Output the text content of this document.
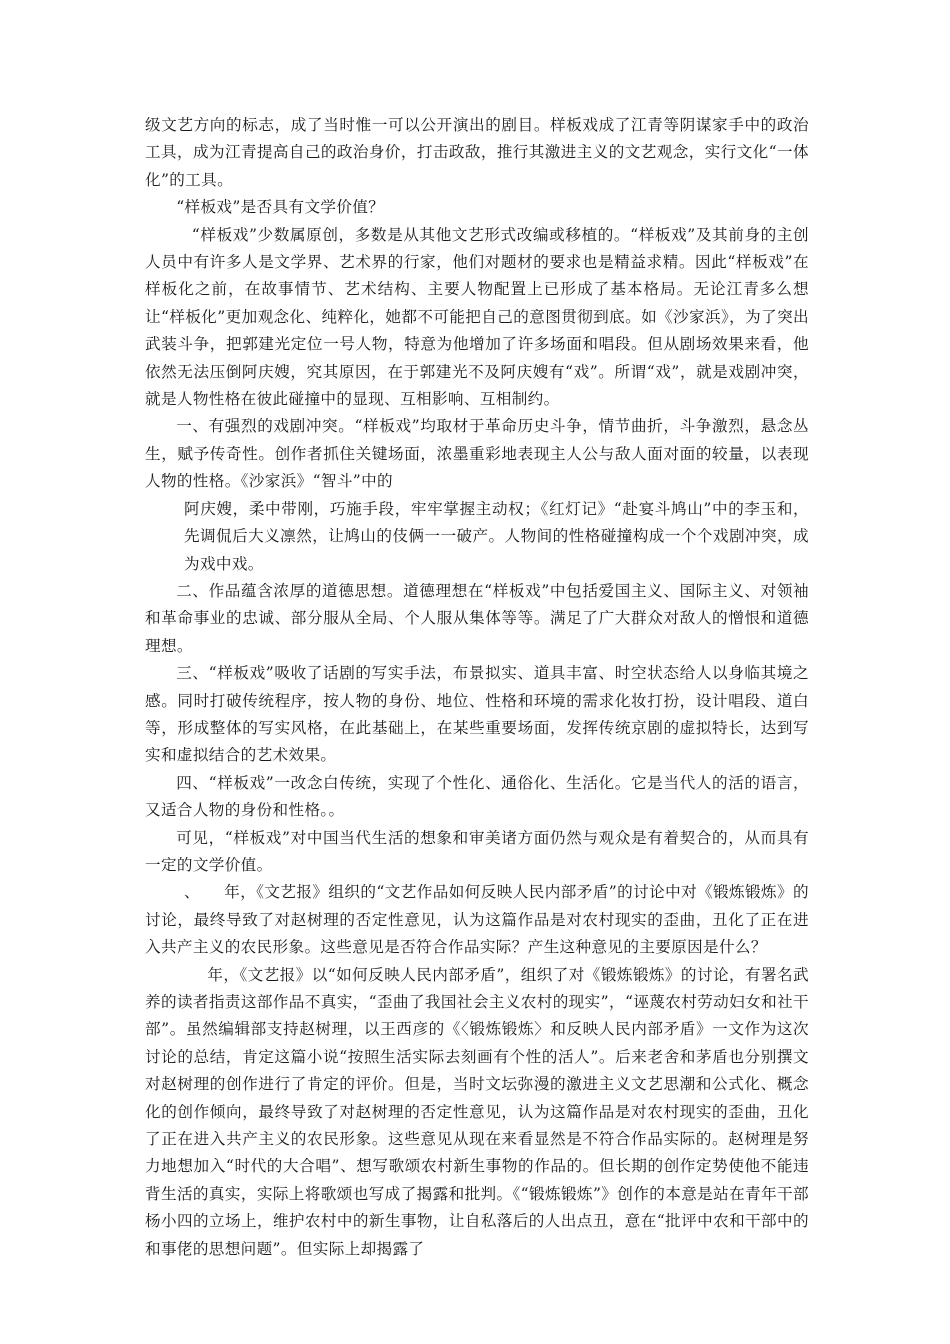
级文艺方向的标志，成了当时惟一可以公开演出的剧目。样板戏成了江青等阴谋家手中的政治工具，成为江青提高自己的政治身价，打击政敌，推行其激进主义的文艺观念，实行文化“一体化”的工具。

“样板戏”是否具有文学价值？

“样板戏”少数属原创，多数是从其他文艺形式改编或移植的。“样板戏”及其前身的主创人员中有许多人是文学界、艺术界的行家，他们对题材的要求也是精益求精。因此“样板戏”在样板化之前，在故事情节、艺术结构、主要人物配置上已形成了基本格局。无论江青多么想让“样板化”更加观念化、纯粹化，她都不可能把自己的意图贯彻到底。如《沙家浜》，为了突出武装斗争，把郭建光定位一号人物，特意为他增加了许多场面和唱段。但从剧场效果来看，他依然无法压倒阿庆嫂，究其原因，在于郭建光不及阿庆嫂有“戏”。所谓“戏”，就是戏剧冲突，就是人物性格在彼此碰撞中的显现、互相影响、互相制约。

一、有强烈的戏剧冲突。“样板戏”均取材于革命历史斗争，情节曲折，斗争激烈，悬念丛生，赋予传奇性。创作者抓住关键场面，浓墨重彩地表现主人公与敌人面对面的较量，以表现人物的性格。《沙家浜》“智斗”中的

阿庆嫂，柔中带刚，巧施手段，牢牢掌握主动权；《红灯记》“赴宴斗鸠山”中的李玉和，先调侃后大义凛然，让鸠山的伎俩一一破产。人物间的性格碰撞构成一个个戏剧冲突，成为戏中戏。

二、作品蕴含浓厚的道德思想。道德理想在“样板戏”中包括爱国主义、国际主义、对领袖和革命事业的忠诚、部分服从全局、个人服从集体等等。满足了广大群众对敌人的憎恨和道德理想。

三、“样板戏”吸收了话剧的写实手法，布景拟实、道具丰富、时空状态给人以身临其境之感。同时打破传统程序，按人物的身份、地位、性格和环境的需求化妆打扮，设计唱段、道白等，形成整体的写实风格，在此基础上，在某些重要场面，发挥传统京剧的虚拟特长，达到写实和虚拟结合的艺术效果。

四、“样板戏”一改念白传统，实现了个性化、通俗化、生活化。它是当代人的活的语言，又适合人物的身份和性格。。

可见，“样板戏”对中国当代生活的想象和审美诸方面仍然与观众是有着契合的，从而具有一定的文学价值。

、　　年，《文艺报》组织的“文艺作品如何反映人民内部矛盾”的讨论中对《锻炼锻炼》的讨论，最终导致了对赵树理的否定性意见，认为这篇作品是对农村现实的歪曲，丑化了正在进入共产主义的农民形象。这些意见是否符合作品实际？产生这种意见的主要原因是什么？

年，《文艺报》以“如何反映人民内部矛盾”，组织了对《锻炼锻炼》的讨论，有署名武养的读者指责这部作品不真实，“歪曲了我国社会主义农村的现实”，“诬蔑农村劳动妇女和社干部”。虽然编辑部支持赵树理，以王西彦的《〈锻炼锻炼〉和反映人民内部矛盾》一文作为这次讨论的总结，肯定这篇小说“按照生活实际去刻画有个性的活人”。后来老舍和茅盾也分别撰文对赵树理的创作进行了肯定的评价。但是，当时文坛弥漫的激进主义文艺思潮和公式化、概念化的创作倾向，最终导致了对赵树理的否定性意见，认为这篇作品是对农村现实的歪曲，丑化了正在进入共产主义的农民形象。这些意见从现在来看显然是不符合作品实际的。赵树理是努力地想加入“时代的大合唱”、想写歌颂农村新生事物的作品的。但长期的创作定势使他不能违背生活的真实，实际上将歌颂也写成了揭露和批判。《“锻炼锻炼”》创作的本意是站在青年干部杨小四的立场上，维护农村中的新生事物，让自私落后的人出点丑，意在“批评中农和干部中的和事佬的思想问题”。但实际上却揭露了
